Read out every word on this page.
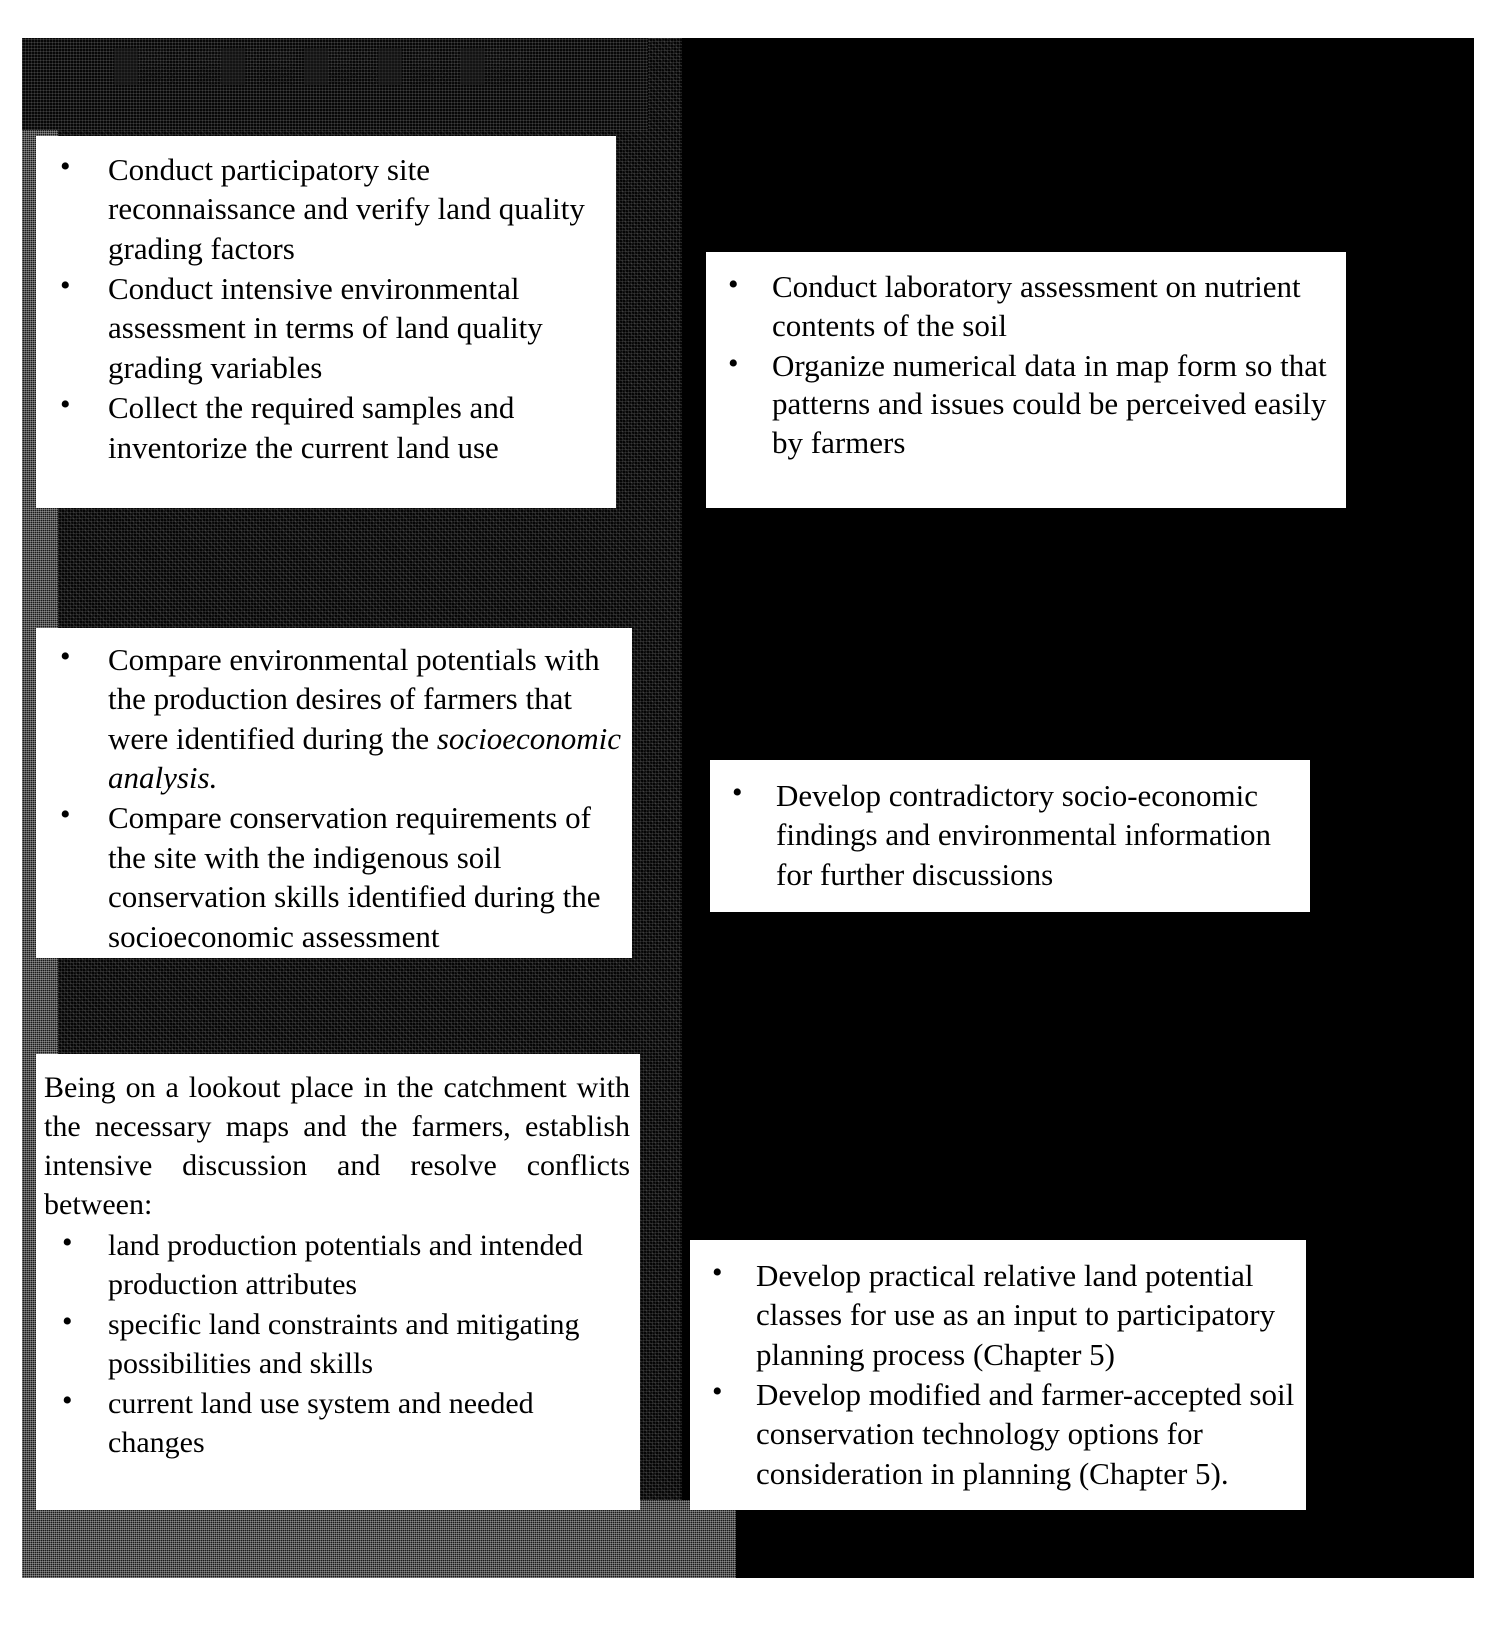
█▒░ ▒█░▒ █▒░█ ▒░█▒░
• Conduct participatory site reconnaissance and verify land quality grading factors
• Conduct intensive environmental assessment in terms of land quality grading variables
• Collect the required samples and inventorize the current land use
• Conduct laboratory assessment on nutrient contents of the soil
• Organize numerical data in map form so that patterns and issues could be perceived easily by farmers
• Compare environmental potentials with the production desires of farmers that were identified during the socioeconomic analysis.
• Compare conservation requirements of the site with the indigenous soil conservation skills identified during the socioeconomic assessment
• Develop contradictory socio-economic findings and environmental information for further discussions

Being on a lookout place in the catchment with the necessary maps and the farmers, establish intensive discussion and resolve conflicts between:

• land production potentials and intended production attributes
• specific land constraints and mitigating possibilities and skills
• current land use system and needed changes
• Develop practical relative land potential classes for use as an input to participatory planning process (Chapter 5)
• Develop modified and farmer-accepted soil conservation technology options for consideration in planning (Chapter 5).
